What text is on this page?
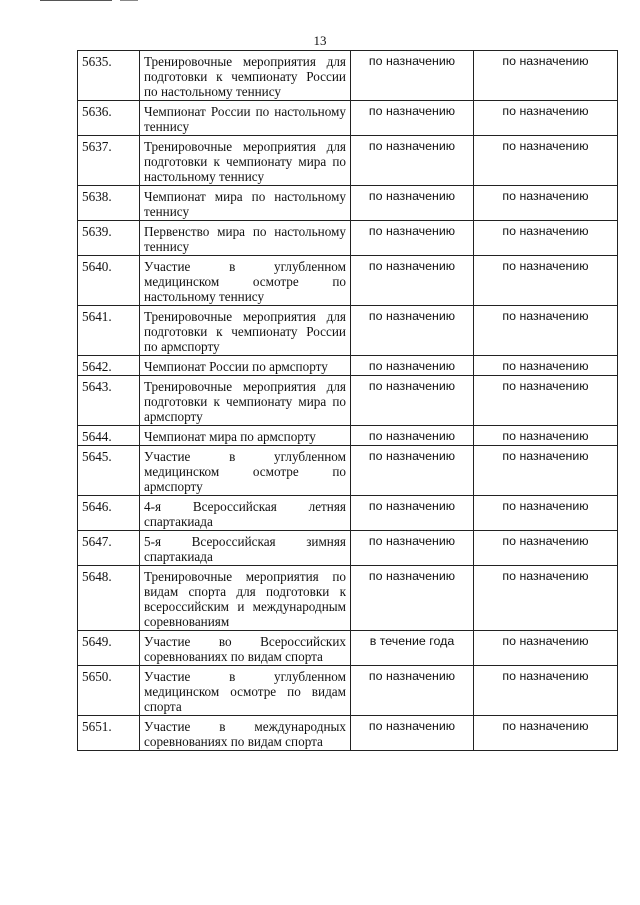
13
5635.	Тренировочные мероприятия для подготовки к чемпионату России по настольному теннису	по назначению	по назначению
5636.	Чемпионат России по настольному теннису	по назначению	по назначению
5637.	Тренировочные мероприятия для подготовки к чемпионату мира по настольному теннису	по назначению	по назначению
5638.	Чемпионат мира по настольному теннису	по назначению	по назначению
5639.	Первенство мира по настольному теннису	по назначению	по назначению
5640.	Участие в углубленном медицинском осмотре по настольному теннису	по назначению	по назначению
5641.	Тренировочные мероприятия для подготовки к чемпионату России по армспорту	по назначению	по назначению
5642.	Чемпионат России по армспорту	по назначению	по назначению
5643.	Тренировочные мероприятия для подготовки к чемпионату мира по армспорту	по назначению	по назначению
5644.	Чемпионат мира по армспорту	по назначению	по назначению
5645.	Участие в углубленном медицинском осмотре по армспорту	по назначению	по назначению
5646.	4-я Всероссийская летняя спартакиада	по назначению	по назначению
5647.	5-я Всероссийская зимняя спартакиада	по назначению	по назначению
5648.	Тренировочные мероприятия по видам спорта для подготовки к всероссийским и международным соревнованиям	по назначению	по назначению
5649.	Участие во Всероссийских соревнованиях по видам спорта	в течение года	по назначению
5650.	Участие в углубленном медицинском осмотре по видам спорта	по назначению	по назначению
5651.	Участие в международных соревнованиях по видам спорта	по назначению	по назначению
